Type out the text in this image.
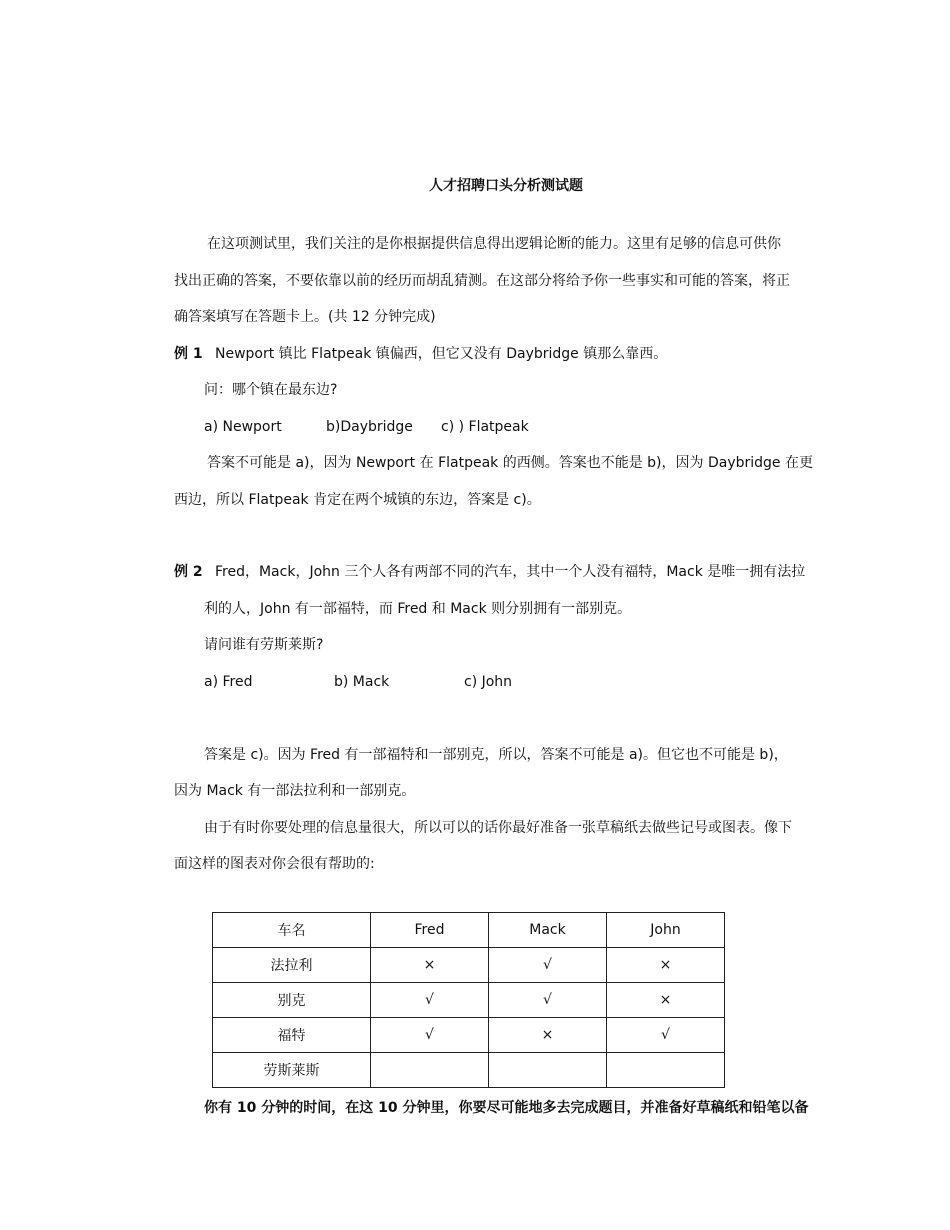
人才招聘口头分析测试题
在这项测试里，我们关注的是你根据提供信息得出逻辑论断的能力。这里有足够的信息可供你
找出正确的答案，不要依靠以前的经历而胡乱猜测。在这部分将给予你一些事实和可能的答案，将正
确答案填写在答题卡上。(共 12 分钟完成)
例 1 Newport 镇比 Flatpeak 镇偏西，但它又没有 Daybridge 镇那么靠西。
问：哪个镇在最东边?
a) Newport	b)Daybridge c) ) Flatpeak
答案不可能是 a)，因为 Newport 在 Flatpeak 的西侧。答案也不能是 b)，因为 Daybridge 在更
西边，所以 Flatpeak 肯定在两个城镇的东边，答案是 c)。
例 2 Fred，Mack，John 三个人各有两部不同的汽车，其中一个人没有福特，Mack 是唯一拥有法拉
利的人，John 有一部福特，而 Fred 和 Mack 则分别拥有一部别克。
请问谁有劳斯莱斯?
a) Fred	b) Mack	c) John
答案是 c)。因为 Fred 有一部福特和一部别克，所以，答案不可能是 a)。但它也不可能是 b)，
因为 Mack 有一部法拉利和一部别克。
由于有时你要处理的信息量很大，所以可以的话你最好准备一张草稿纸去做些记号或图表。像下
面这样的图表对你会很有帮助的:
车名	Fred	Mack	John
法拉利	×	√	×
别克	√	√	×
福特	√	×	√
劳斯莱斯			
你有 10 分钟的时间，在这 10 分钟里，你要尽可能地多去完成题目，并准备好草稿纸和铅笔以备
